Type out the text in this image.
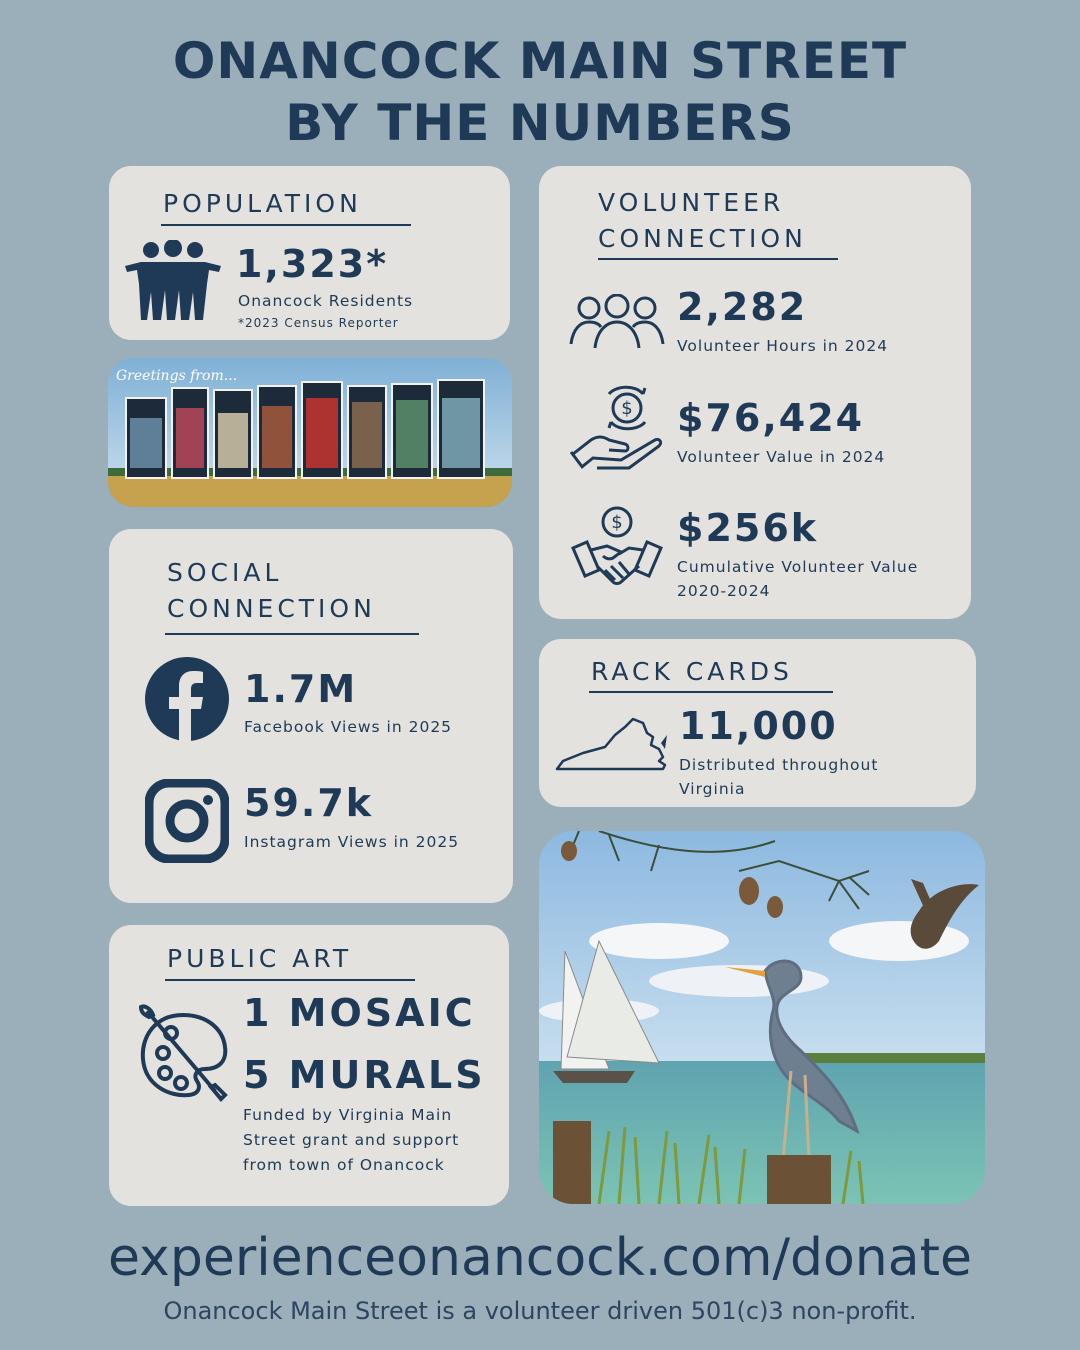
ONANCOCK MAIN STREET
BY THE NUMBERS
POPULATION
1,323*
Onancock Residents
*2023 Census Reporter
Greetings from...
SOCIAL
CONNECTION
1.7M
Facebook Views in 2025
59.7k
Instagram Views in 2025
PUBLIC ART
1 MOSAIC
5 MURALS
Funded by Virginia Main
Street grant and support
from town of Onancock
VOLUNTEER
CONNECTION
2,282
Volunteer Hours in 2024
$ $76,424
Volunteer Value in 2024
$ $256k
Cumulative Volunteer Value
2020-2024
RACK CARDS
11,000
Distributed throughout
Virginia
experienceonancock.com/donate
Onancock Main Street is a volunteer driven 501(c)3 non-profit.
